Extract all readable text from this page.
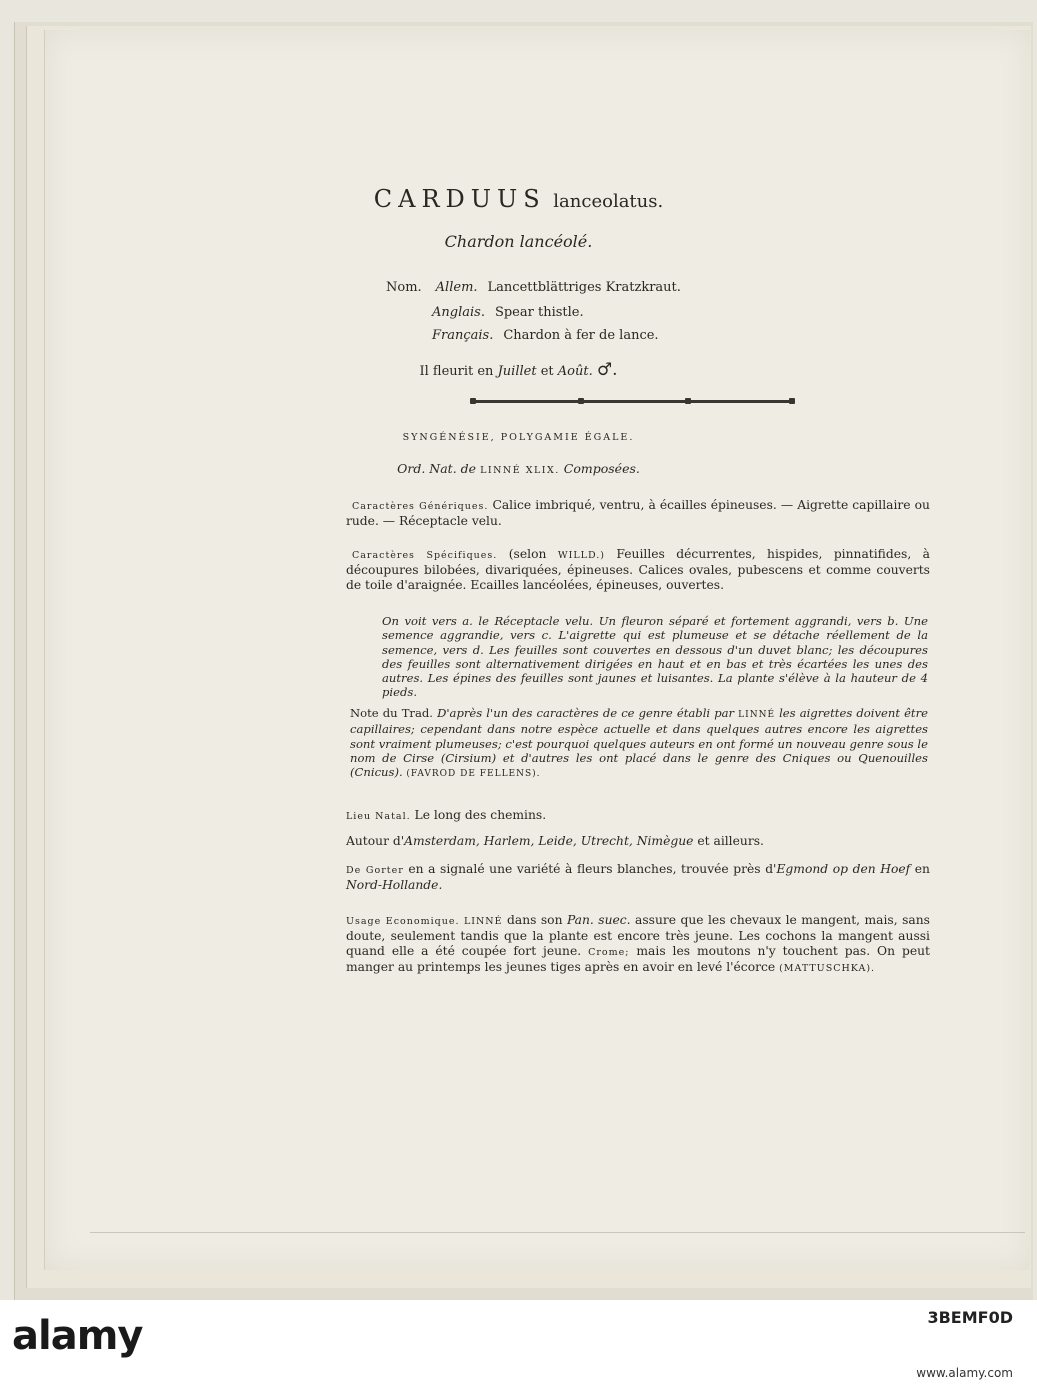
CARDUUS lanceolatus.
Chardon lancéolé.
Nom. Allem. Lancettblättriges Kratzkraut.
Anglais. Spear thistle.
Français. Chardon à fer de lance.
Il fleurit en Juillet et Août. ♂.
SYNGÉNÉSIE, POLYGAMIE ÉGALE.
Ord. Nat. de LINNÉ XLIX. Composées.
Caractères Génériques. Calice imbriqué, ventru, à écailles épineuses. — Aigrette capillaire ou rude. — Réceptacle velu.
Caractères Spécifiques. (selon WILLD.) Feuilles décurrentes, hispides, pinnatifides, à découpures bilobées, divariquées, épineuses. Calices ovales, pubescens et comme couverts de toile d'araignée. Ecailles lancéolées, épineuses, ouvertes.
On voit vers a. le Réceptacle velu. Un fleuron séparé et fortement aggrandi, vers b. Une semence aggrandie, vers c. L'aigrette qui est plumeuse et se détache réellement de la semence, vers d. Les feuilles sont couvertes en dessous d'un duvet blanc; les découpures des feuilles sont alternativement dirigées en haut et en bas et très écartées les unes des autres. Les épines des feuilles sont jaunes et luisantes. La plante s'élève à la hauteur de 4 pieds.
Note du Trad. D'après l'un des caractères de ce genre établi par LINNÉ les aigrettes doivent être capillaires; cependant dans notre espèce actuelle et dans quelques autres encore les aigrettes sont vraiment plumeuses; c'est pourquoi quelques auteurs en ont formé un nouveau genre sous le nom de Cirse (Cirsium) et d'autres les ont placé dans le genre des Cniques ou Quenouilles (Cnicus). (FAVROD DE FELLENS).
Lieu Natal. Le long des chemins.
Autour d'Amsterdam, Harlem, Leide, Utrecht, Nimègue et ailleurs.
De Gorter en a signalé une variété à fleurs blanches, trouvée près d'Egmond op den Hoef en Nord-Hollande.
Usage Economique. LINNÉ dans son Pan. suec. assure que les chevaux le mangent, mais, sans doute, seulement tandis que la plante est encore très jeune. Les cochons la mangent aussi quand elle a été coupée fort jeune. Crome; mais les moutons n'y touchent pas. On peut manger au printemps les jeunes tiges après en avoir en levé l'écorce (MATTUSCHKA).
alamy	3BEMF0D
www.alamy.com
